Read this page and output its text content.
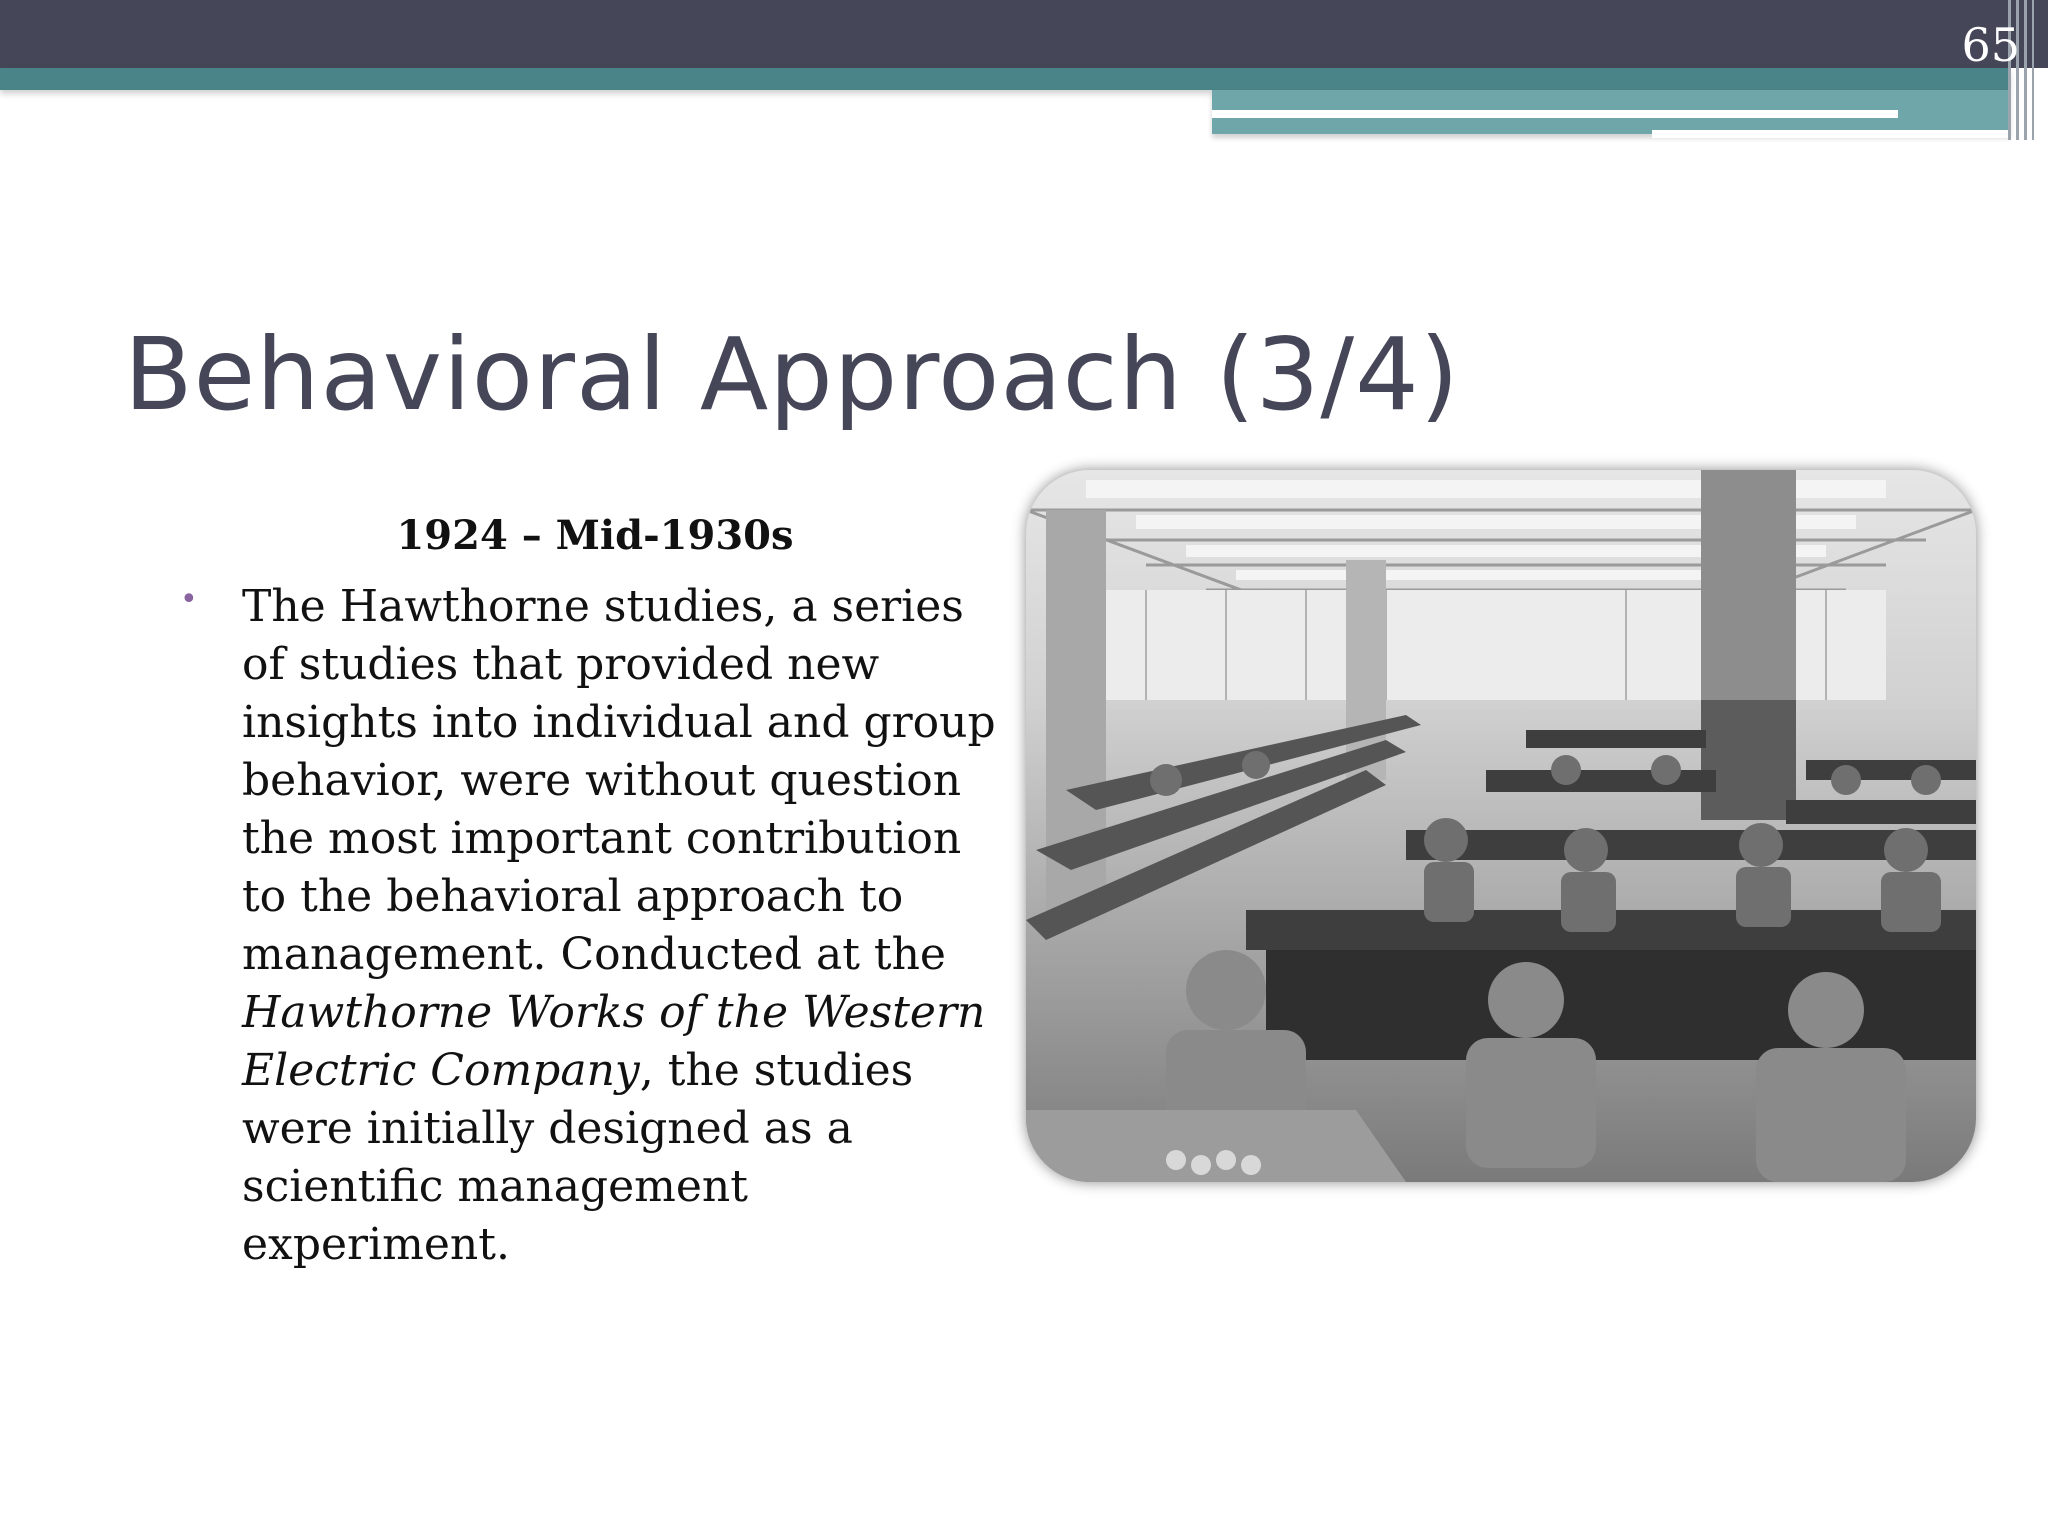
65
Behavioral Approach (3/4)
1924 – Mid-1930s
• The Hawthorne studies, a series of studies that provided new insights into individual and group behavior, were without question the most important contribution to the behavioral approach to management. Conducted at the Hawthorne Works of the Western Electric Company, the studies were initially designed as a scientific management experiment.
